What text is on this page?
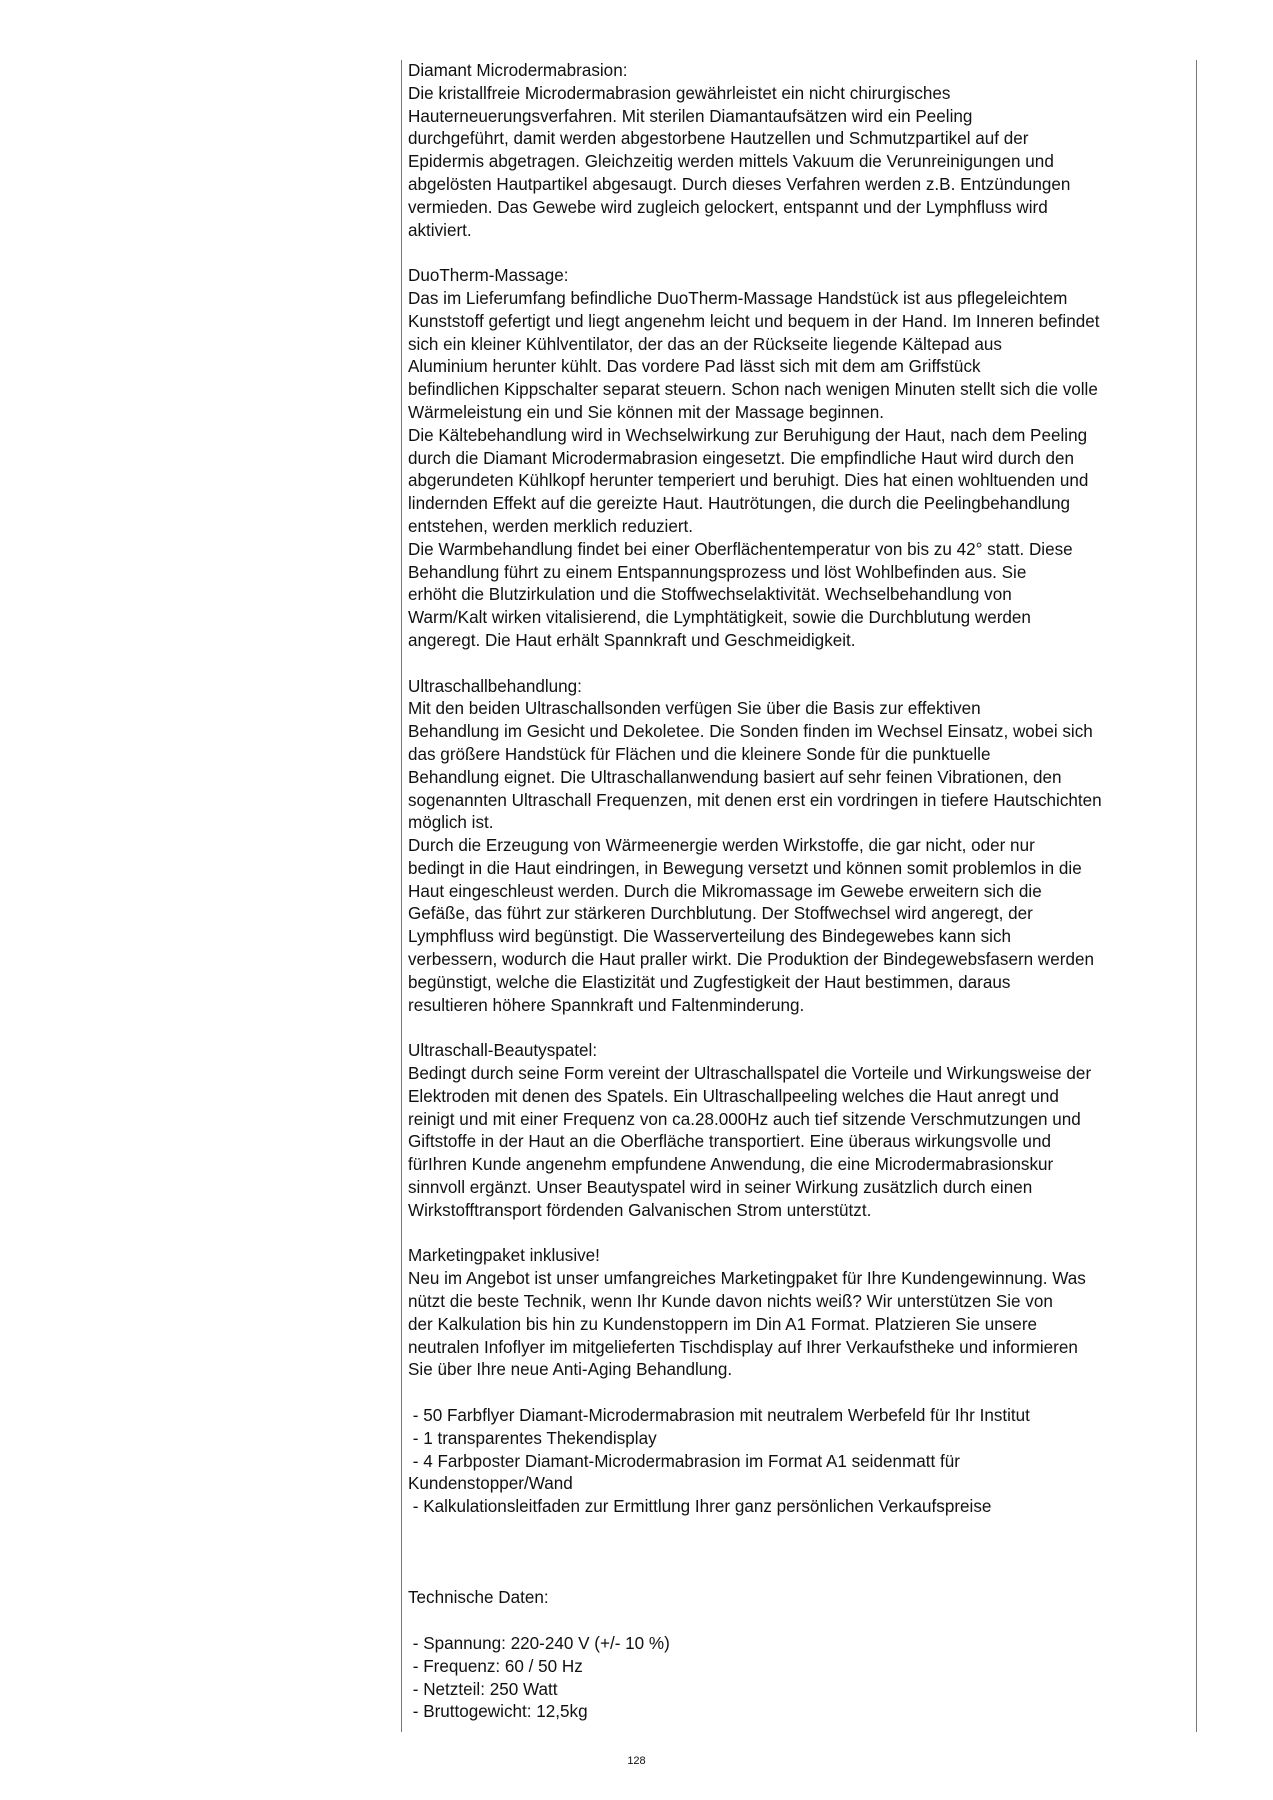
Diamant Microdermabrasion:
Die kristallfreie Microdermabrasion gewährleistet ein nicht chirurgisches
Hauterneuerungsverfahren. Mit sterilen Diamantaufsätzen wird ein Peeling
durchgeführt, damit werden abgestorbene Hautzellen und Schmutzpartikel auf der
Epidermis abgetragen. Gleichzeitig werden mittels Vakuum die Verunreinigungen und
abgelösten Hautpartikel abgesaugt. Durch dieses Verfahren werden z.B. Entzündungen
vermieden. Das Gewebe wird zugleich gelockert, entspannt und der Lymphfluss wird
aktiviert.
DuoTherm-Massage:
Das im Lieferumfang befindliche DuoTherm-Massage Handstück ist aus pflegeleichtem
Kunststoff gefertigt und liegt angenehm leicht und bequem in der Hand. Im Inneren befindet
sich ein kleiner Kühlventilator, der das an der Rückseite liegende Kältepad aus
Aluminium herunter kühlt. Das vordere Pad lässt sich mit dem am Griffstück
befindlichen Kippschalter separat steuern. Schon nach wenigen Minuten stellt sich die volle
Wärmeleistung ein und Sie können mit der Massage beginnen.
Die Kältebehandlung wird in Wechselwirkung zur Beruhigung der Haut, nach dem Peeling
durch die Diamant Microdermabrasion eingesetzt. Die empfindliche Haut wird durch den
abgerundeten Kühlkopf herunter temperiert und beruhigt. Dies hat einen wohltuenden und
lindernden Effekt auf die gereizte Haut. Hautrötungen, die durch die Peelingbehandlung
entstehen, werden merklich reduziert.
Die Warmbehandlung findet bei einer Oberflächentemperatur von bis zu 42° statt. Diese
Behandlung führt zu einem Entspannungsprozess und löst Wohlbefinden aus. Sie
erhöht die Blutzirkulation und die Stoffwechselaktivität. Wechselbehandlung von
Warm/Kalt wirken vitalisierend, die Lymphtätigkeit, sowie die Durchblutung werden
angeregt. Die Haut erhält Spannkraft und Geschmeidigkeit.
Ultraschallbehandlung:
Mit den beiden Ultraschallsonden verfügen Sie über die Basis zur effektiven
Behandlung im Gesicht und Dekoletee. Die Sonden finden im Wechsel Einsatz, wobei sich
das größere Handstück für Flächen und die kleinere Sonde für die punktuelle
Behandlung eignet. Die Ultraschallanwendung basiert auf sehr feinen Vibrationen, den
sogenannten Ultraschall Frequenzen, mit denen erst ein vordringen in tiefere Hautschichten
möglich ist.
Durch die Erzeugung von Wärmeenergie werden Wirkstoffe, die gar nicht, oder nur
bedingt in die Haut eindringen, in Bewegung versetzt und können somit problemlos in die
Haut eingeschleust werden. Durch die Mikromassage im Gewebe erweitern sich die
Gefäße, das führt zur stärkeren Durchblutung. Der Stoffwechsel wird angeregt, der
Lymphfluss wird begünstigt. Die Wasserverteilung des Bindegewebes kann sich
verbessern, wodurch die Haut praller wirkt. Die Produktion der Bindegewebsfasern werden
begünstigt, welche die Elastizität und Zugfestigkeit der Haut bestimmen, daraus
resultieren höhere Spannkraft und Faltenminderung.
Ultraschall-Beautyspatel:
Bedingt durch seine Form vereint der Ultraschallspatel die Vorteile und Wirkungsweise der
Elektroden mit denen des Spatels. Ein Ultraschallpeeling welches die Haut anregt und
reinigt und mit einer Frequenz von ca.28.000Hz auch tief sitzende Verschmutzungen und
Giftstoffe in der Haut an die Oberfläche transportiert. Eine überaus wirkungsvolle und
fürIhren Kunde angenehm empfundene Anwendung, die eine Microdermabrasionskur
sinnvoll ergänzt. Unser Beautyspatel wird in seiner Wirkung zusätzlich durch einen
Wirkstofftransport fördenden Galvanischen Strom unterstützt.
Marketingpaket inklusive!
Neu im Angebot ist unser umfangreiches Marketingpaket für Ihre Kundengewinnung. Was
nützt die beste Technik, wenn Ihr Kunde davon nichts weiß? Wir unterstützen Sie von
der Kalkulation bis hin zu Kundenstoppern im Din A1 Format. Platzieren Sie unsere
neutralen Infoflyer im mitgelieferten Tischdisplay auf Ihrer Verkaufstheke und informieren
Sie über Ihre neue Anti-Aging Behandlung.
- 50 Farbflyer Diamant-Microdermabrasion mit neutralem Werbefeld für Ihr Institut
- 1 transparentes Thekendisplay
- 4 Farbposter Diamant-Microdermabrasion im Format A1 seidenmatt für
Kundenstopper/Wand
- Kalkulationsleitfaden zur Ermittlung Ihrer ganz persönlichen Verkaufspreise
Technische Daten:
- Spannung: 220-240 V (+/- 10 %)
- Frequenz: 60 / 50 Hz
- Netzteil: 250 Watt
- Bruttogewicht: 12,5kg
128
